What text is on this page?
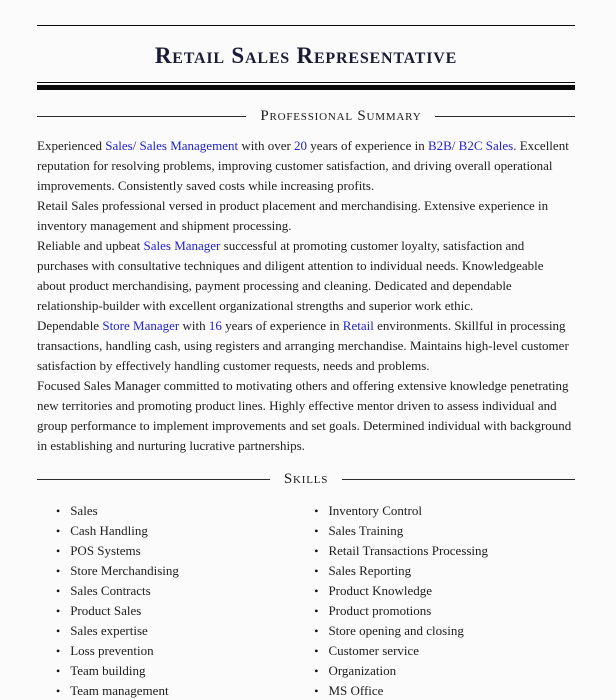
Retail Sales Representative
Professional Summary

Experienced Sales/ Sales Management with over 20 years of experience in B2B/ B2C Sales. Excellent reputation for resolving problems, improving customer satisfaction, and driving overall operational improvements. Consistently saved costs while increasing profits.

Retail Sales professional versed in product placement and merchandising. Extensive experience in inventory management and shipment processing.

Reliable and upbeat Sales Manager successful at promoting customer loyalty, satisfaction and purchases with consultative techniques and diligent attention to individual needs. Knowledgeable about product merchandising, payment processing and cleaning. Dedicated and dependable relationship-builder with excellent organizational strengths and superior work ethic.

Dependable Store Manager with 16 years of experience in Retail environments. Skillful in processing transactions, handling cash, using registers and arranging merchandise. Maintains high-level customer satisfaction by effectively handling customer requests, needs and problems.

Focused Sales Manager committed to motivating others and offering extensive knowledge penetrating new territories and promoting product lines. Highly effective mentor driven to assess individual and group performance to implement improvements and set goals. Determined individual with background in establishing and nurturing lucrative partnerships.

Skills
• Sales
• Cash Handling
• POS Systems
• Store Merchandising
• Sales Contracts
• Product Sales
• Sales expertise
• Loss prevention
• Team building
• Team management
• Inventory Control
• Sales Training
• Retail Transactions Processing
• Sales Reporting
• Product Knowledge
• Product promotions
• Store opening and closing
• Customer service
• Organization
• MS Office
